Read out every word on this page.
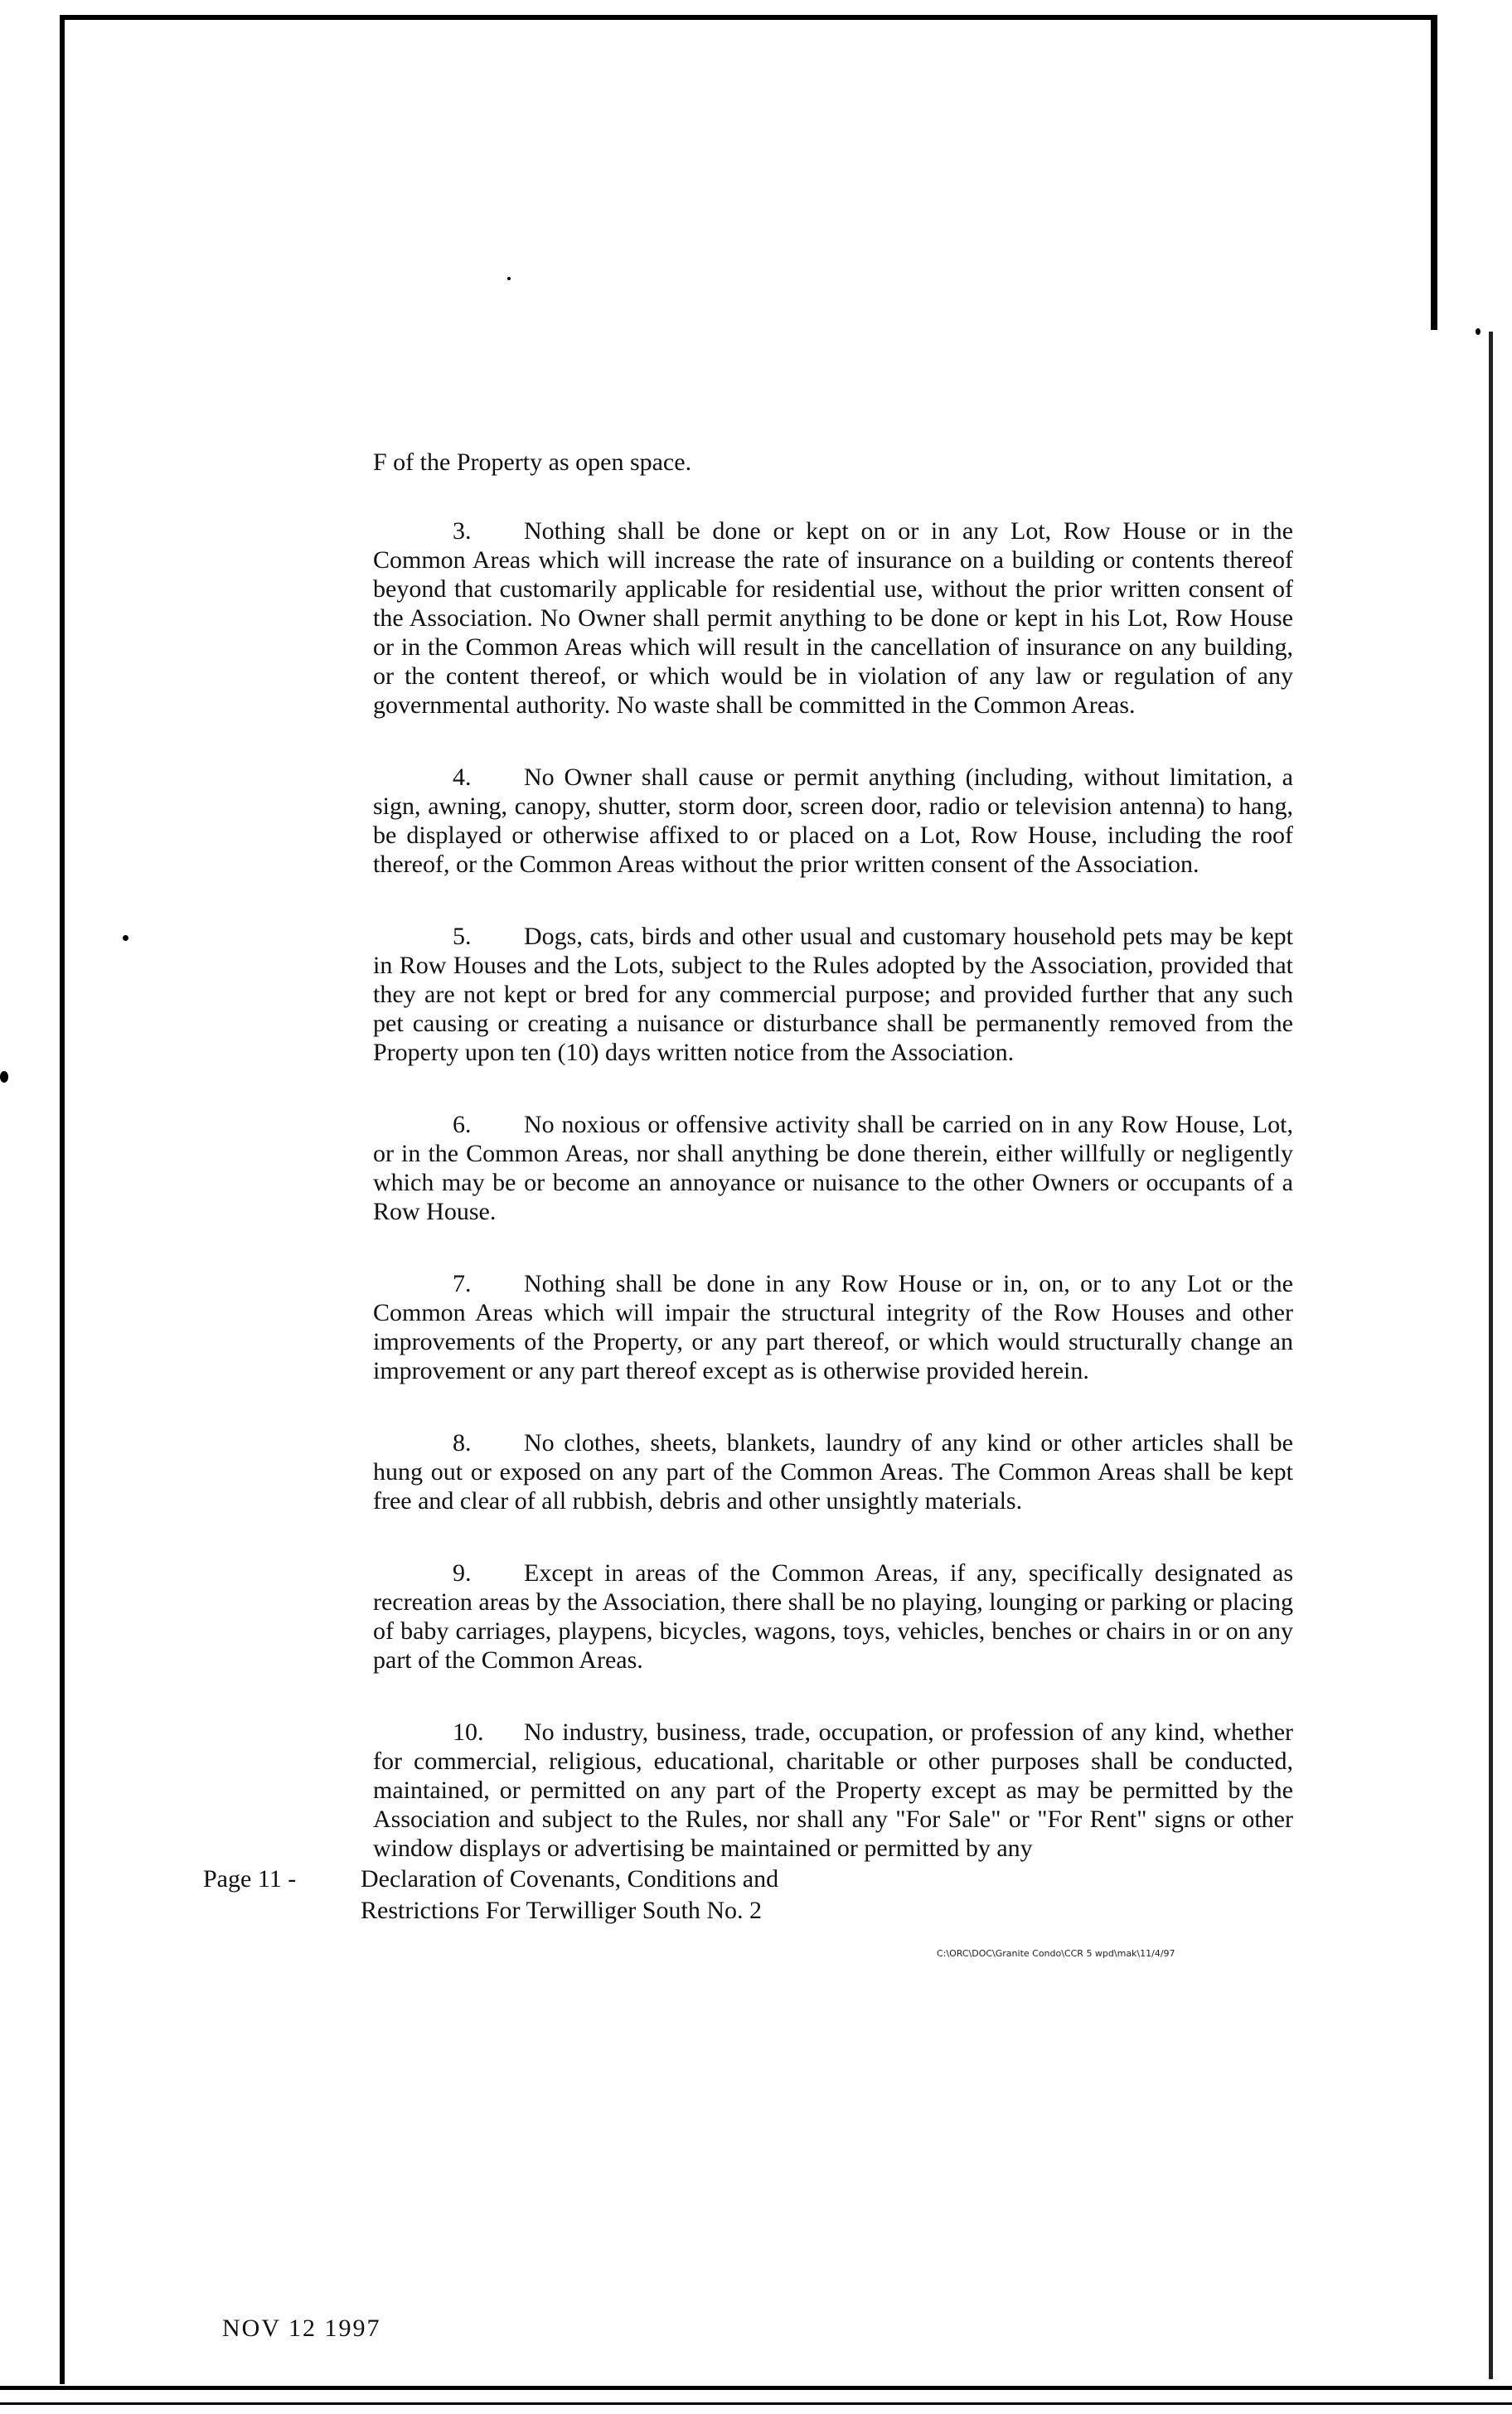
F of the Property as open space.

3. Nothing shall be done or kept on or in any Lot, Row House or in the Common Areas which will increase the rate of insurance on a building or contents thereof beyond that customarily applicable for residential use, without the prior written consent of the Association. No Owner shall permit anything to be done or kept in his Lot, Row House or in the Common Areas which will result in the cancellation of insurance on any building, or the content thereof, or which would be in violation of any law or regulation of any governmental authority. No waste shall be committed in the Common Areas.

4. No Owner shall cause or permit anything (including, without limitation, a sign, awning, canopy, shutter, storm door, screen door, radio or television antenna) to hang, be displayed or otherwise affixed to or placed on a Lot, Row House, including the roof thereof, or the Common Areas without the prior written consent of the Association.

5. Dogs, cats, birds and other usual and customary household pets may be kept in Row Houses and the Lots, subject to the Rules adopted by the Association, provided that they are not kept or bred for any commercial purpose; and provided further that any such pet causing or creating a nuisance or disturbance shall be permanently removed from the Property upon ten (10) days written notice from the Association.

6. No noxious or offensive activity shall be carried on in any Row House, Lot, or in the Common Areas, nor shall anything be done therein, either willfully or negligently which may be or become an annoyance or nuisance to the other Owners or occupants of a Row House.

7. Nothing shall be done in any Row House or in, on, or to any Lot or the Common Areas which will impair the structural integrity of the Row Houses and other improvements of the Property, or any part thereof, or which would structurally change an improvement or any part thereof except as is otherwise provided herein.

8. No clothes, sheets, blankets, laundry of any kind or other articles shall be hung out or exposed on any part of the Common Areas. The Common Areas shall be kept free and clear of all rubbish, debris and other unsightly materials.

9. Except in areas of the Common Areas, if any, specifically designated as recreation areas by the Association, there shall be no playing, lounging or parking or placing of baby carriages, playpens, bicycles, wagons, toys, vehicles, benches or chairs in or on any part of the Common Areas.

10. No industry, business, trade, occupation, or profession of any kind, whether for commercial, religious, educational, charitable or other purposes shall be conducted, maintained, or permitted on any part of the Property except as may be permitted by the Association and subject to the Rules, nor shall any "For Sale" or "For Rent" signs or other window displays or advertising be maintained or permitted by any

Page 11 -	Declaration of Covenants, Conditions and
Restrictions For Terwilliger South No. 2
C:\ORC\DOC\Granite Condo\CCR 5 wpd\mak\11/4/97
NOV 12 1997
